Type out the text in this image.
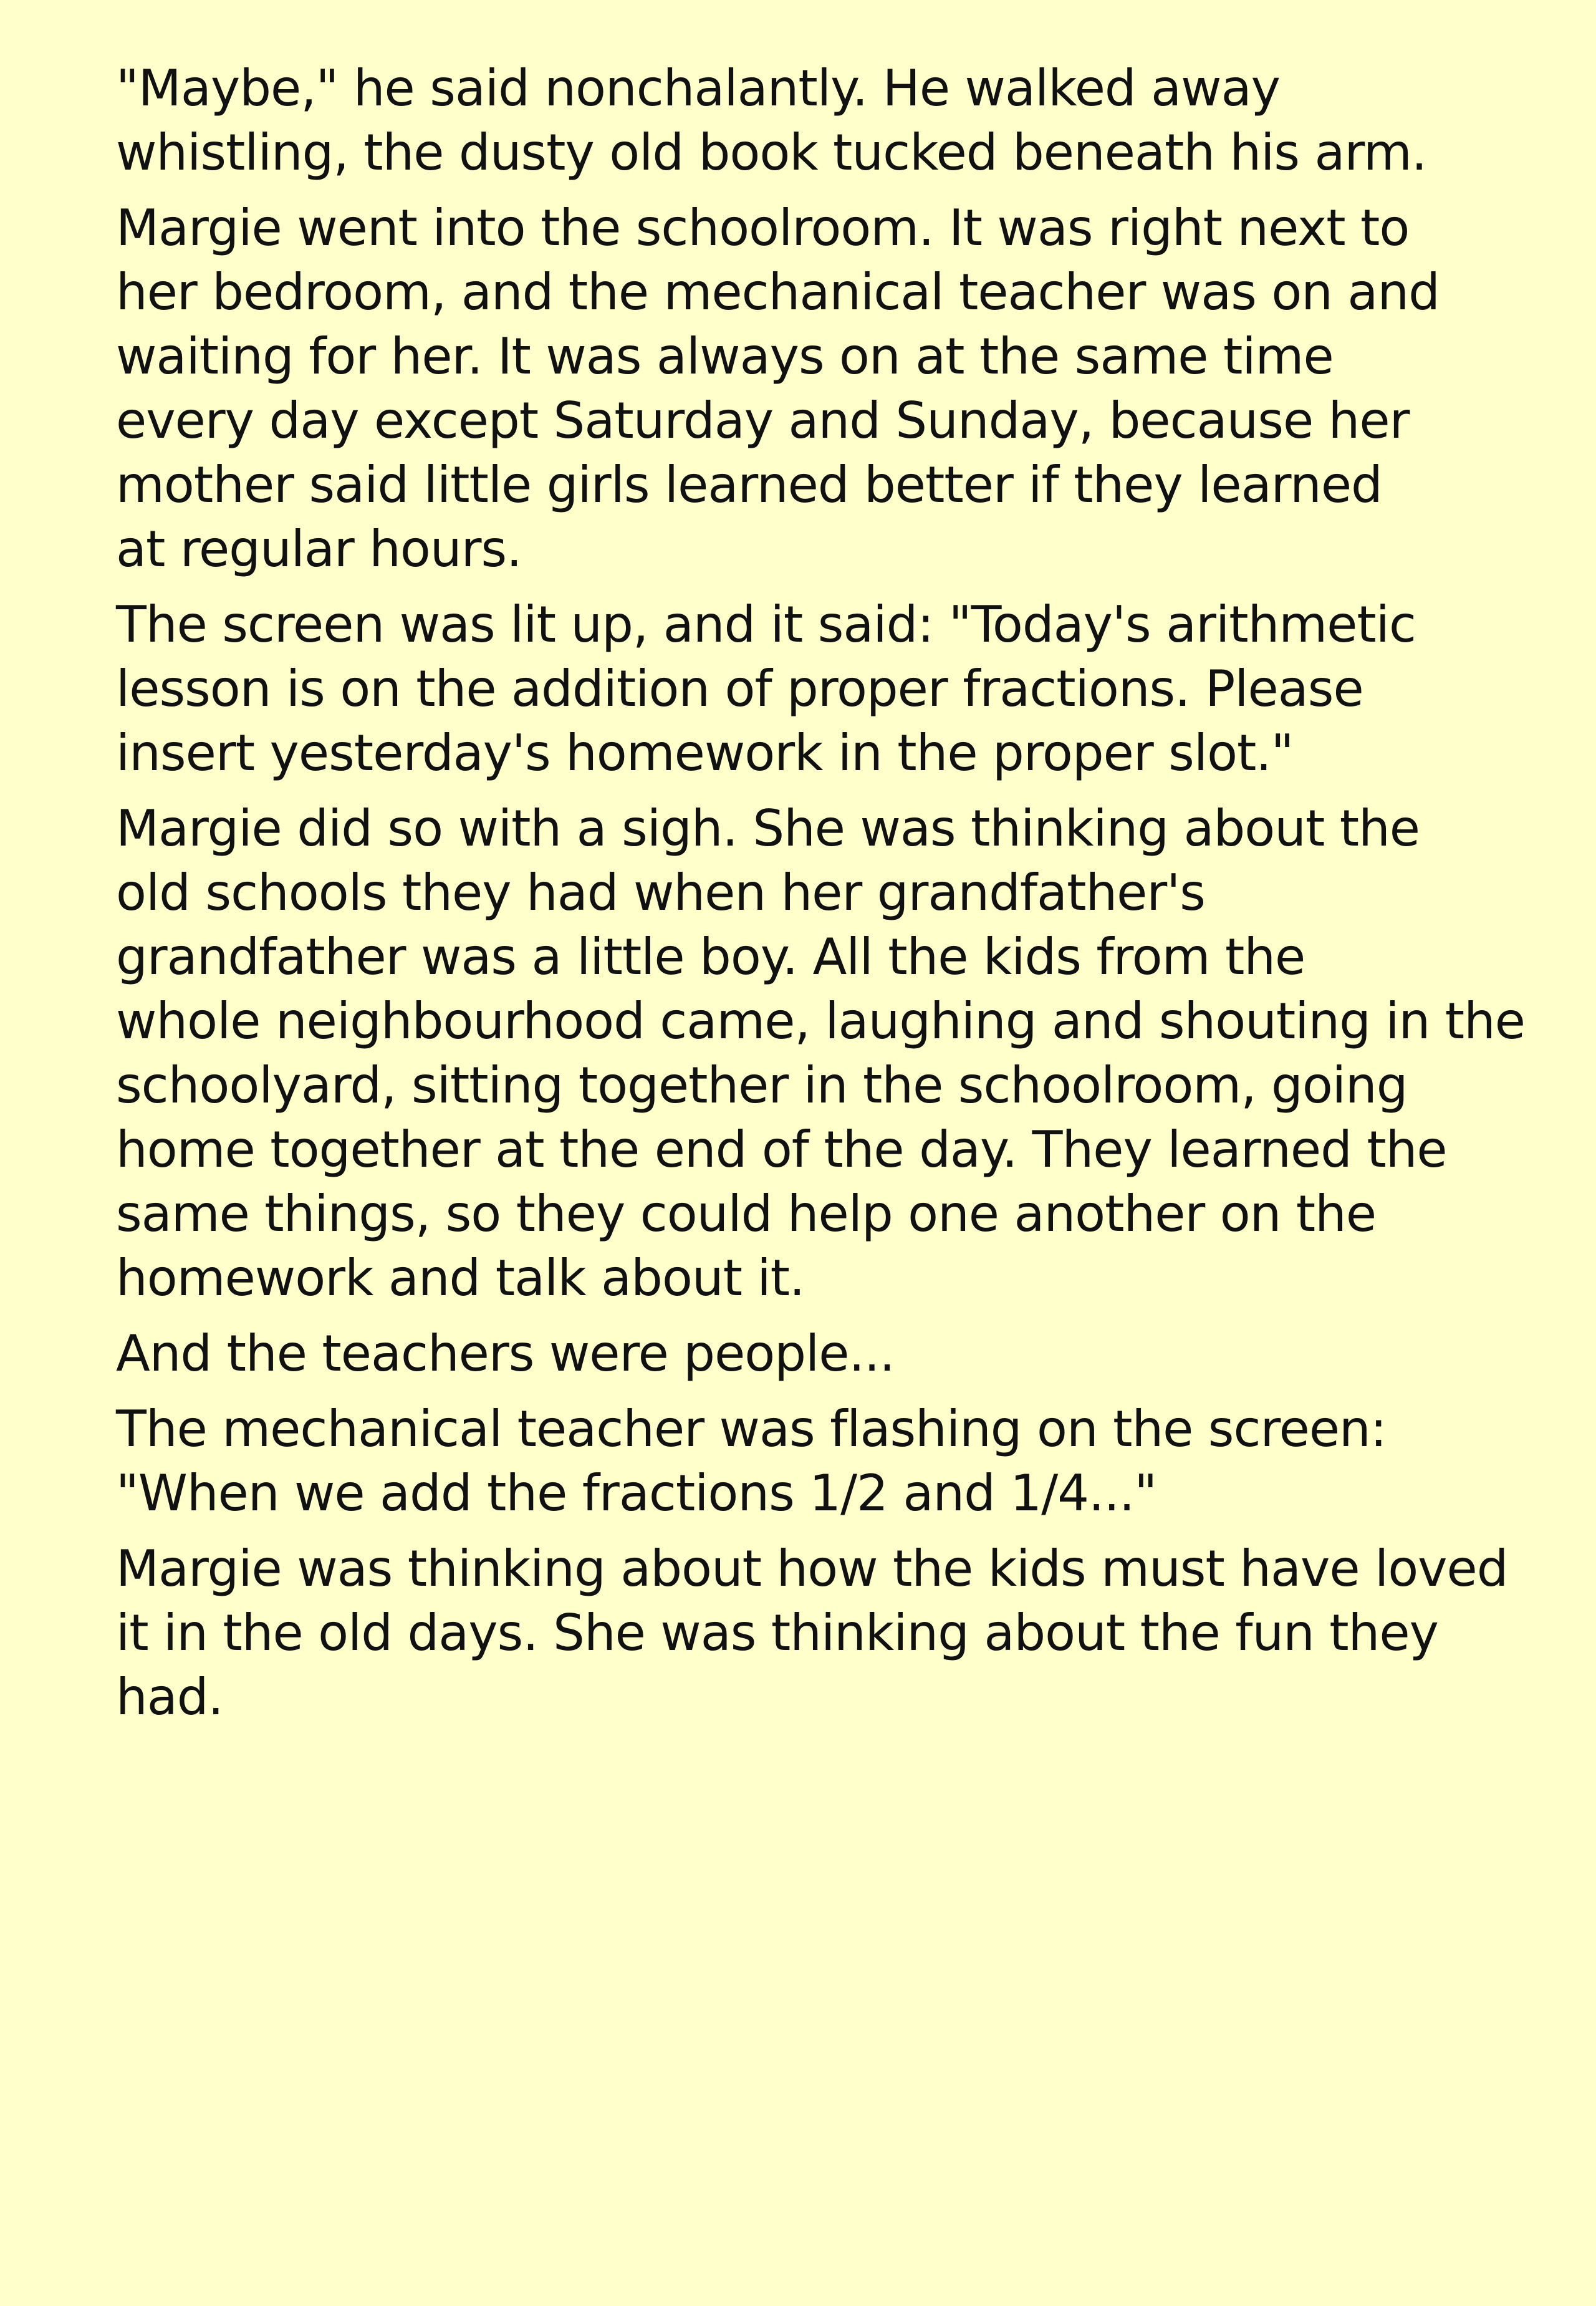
"Maybe," he said nonchalantly. He walked away
whistling, the dusty old book tucked beneath his arm.
Margie went into the schoolroom. It was right next to
her bedroom, and the mechanical teacher was on and
waiting for her. It was always on at the same time
every day except Saturday and Sunday, because her
mother said little girls learned better if they learned
at regular hours.
The screen was lit up, and it said: "Today's arithmetic
lesson is on the addition of proper fractions. Please
insert yesterday's homework in the proper slot."
Margie did so with a sigh. She was thinking about the
old schools they had when her grandfather's
grandfather was a little boy. All the kids from the
whole neighbourhood came, laughing and shouting in the
schoolyard, sitting together in the schoolroom, going
home together at the end of the day. They learned the
same things, so they could help one another on the
homework and talk about it.
And the teachers were people...
The mechanical teacher was flashing on the screen:
"When we add the fractions 1/2 and 1/4..."
Margie was thinking about how the kids must have loved
it in the old days. She was thinking about the fun they
had.
